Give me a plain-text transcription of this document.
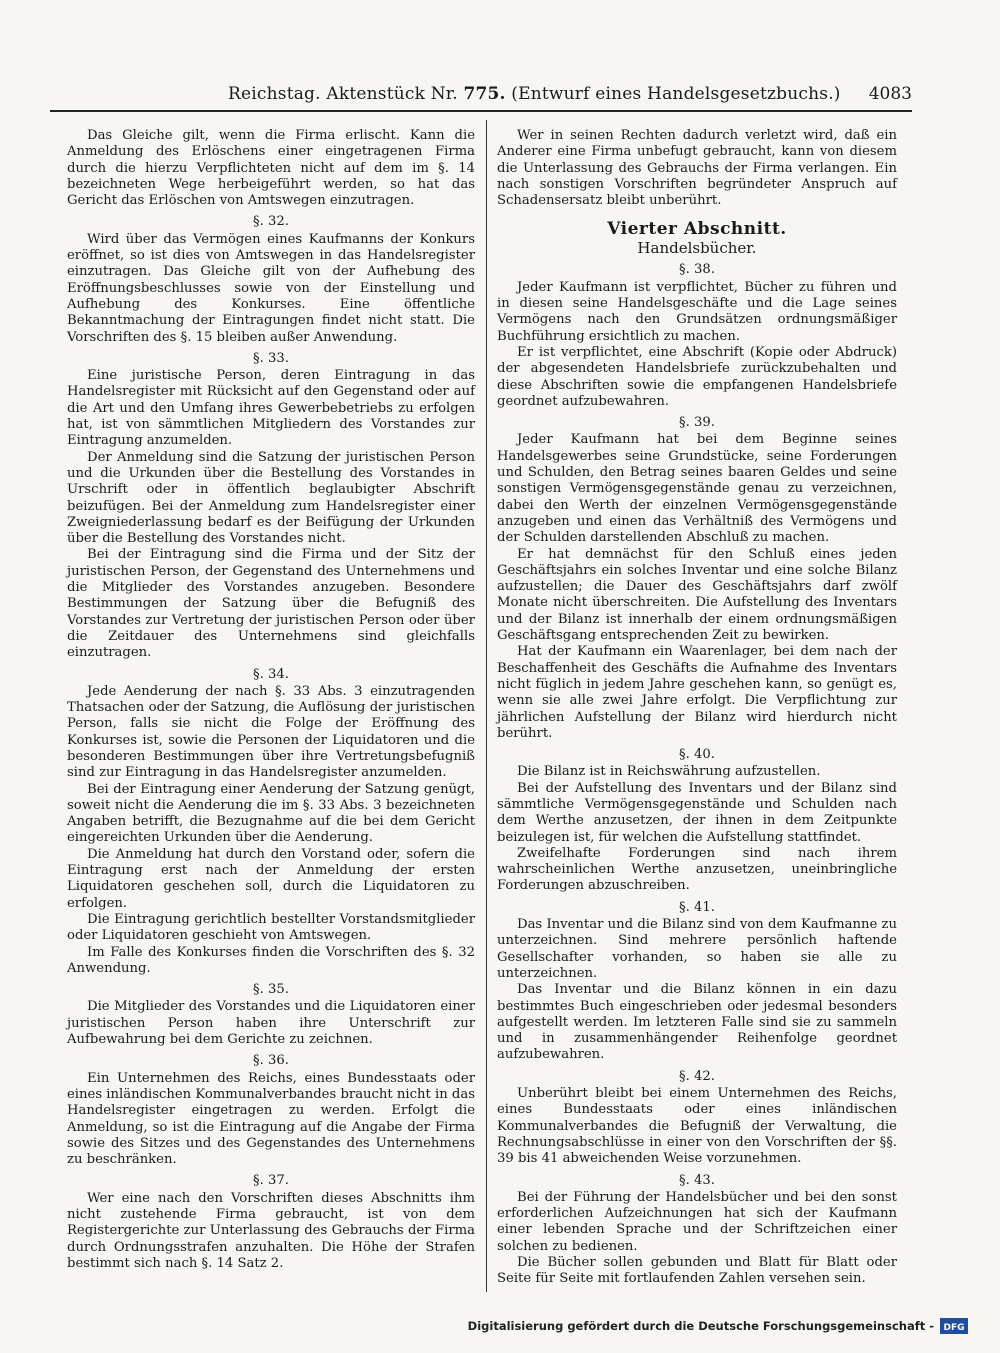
Reichstag. Aktenstück Nr. 775. (Entwurf eines Handelsgesetzbuchs.) 4083

Das Gleiche gilt, wenn die Firma erlischt. Kann die Anmeldung des Erlöschens einer eingetragenen Firma durch die hierzu Verpflichteten nicht auf dem im §. 14 bezeichneten Wege herbeigeführt werden, so hat das Gericht das Erlöschen von Amtswegen einzutragen.

§. 32.

Wird über das Vermögen eines Kaufmanns der Konkurs eröffnet, so ist dies von Amtswegen in das Handelsregister einzutragen. Das Gleiche gilt von der Aufhebung des Eröffnungsbeschlusses sowie von der Einstellung und Aufhebung des Konkurses. Eine öffentliche Bekanntmachung der Eintragungen findet nicht statt. Die Vorschriften des §. 15 bleiben außer Anwendung.

§. 33.

Eine juristische Person, deren Eintragung in das Handelsregister mit Rücksicht auf den Gegenstand oder auf die Art und den Umfang ihres Gewerbebetriebs zu erfolgen hat, ist von sämmtlichen Mitgliedern des Vorstandes zur Eintragung anzumelden.

Der Anmeldung sind die Satzung der juristischen Person und die Urkunden über die Bestellung des Vorstandes in Urschrift oder in öffentlich beglaubigter Abschrift beizufügen. Bei der Anmeldung zum Handelsregister einer Zweigniederlassung bedarf es der Beifügung der Urkunden über die Bestellung des Vorstandes nicht.

Bei der Eintragung sind die Firma und der Sitz der juristischen Person, der Gegenstand des Unternehmens und die Mitglieder des Vorstandes anzugeben. Besondere Bestimmungen der Satzung über die Befugniß des Vorstandes zur Vertretung der juristischen Person oder über die Zeitdauer des Unternehmens sind gleichfalls einzutragen.

§. 34.

Jede Aenderung der nach §. 33 Abs. 3 einzutragenden Thatsachen oder der Satzung, die Auflösung der juristischen Person, falls sie nicht die Folge der Eröffnung des Konkurses ist, sowie die Personen der Liquidatoren und die besonderen Bestimmungen über ihre Vertretungsbefugniß sind zur Eintragung in das Handelsregister anzumelden.

Bei der Eintragung einer Aenderung der Satzung genügt, soweit nicht die Aenderung die im §. 33 Abs. 3 bezeichneten Angaben betrifft, die Bezugnahme auf die bei dem Gericht eingereichten Urkunden über die Aenderung.

Die Anmeldung hat durch den Vorstand oder, sofern die Eintragung erst nach der Anmeldung der ersten Liquidatoren geschehen soll, durch die Liquidatoren zu erfolgen.

Die Eintragung gerichtlich bestellter Vorstandsmitglieder oder Liquidatoren geschieht von Amtswegen.

Im Falle des Konkurses finden die Vorschriften des §. 32 Anwendung.

§. 35.

Die Mitglieder des Vorstandes und die Liquidatoren einer juristischen Person haben ihre Unterschrift zur Aufbewahrung bei dem Gerichte zu zeichnen.

§. 36.

Ein Unternehmen des Reichs, eines Bundesstaats oder eines inländischen Kommunalverbandes braucht nicht in das Handelsregister eingetragen zu werden. Erfolgt die Anmeldung, so ist die Eintragung auf die Angabe der Firma sowie des Sitzes und des Gegenstandes des Unternehmens zu beschränken.

§. 37.

Wer eine nach den Vorschriften dieses Abschnitts ihm nicht zustehende Firma gebraucht, ist von dem Registergerichte zur Unterlassung des Gebrauchs der Firma durch Ordnungsstrafen anzuhalten. Die Höhe der Strafen bestimmt sich nach §. 14 Satz 2.

Wer in seinen Rechten dadurch verletzt wird, daß ein Anderer eine Firma unbefugt gebraucht, kann von diesem die Unterlassung des Gebrauchs der Firma verlangen. Ein nach sonstigen Vorschriften begründeter Anspruch auf Schadensersatz bleibt unberührt.

Vierter Abschnitt.
Handelsbücher.
§. 38.

Jeder Kaufmann ist verpflichtet, Bücher zu führen und in diesen seine Handelsgeschäfte und die Lage seines Vermögens nach den Grundsätzen ordnungsmäßiger Buchführung ersichtlich zu machen.

Er ist verpflichtet, eine Abschrift (Kopie oder Abdruck) der abgesendeten Handelsbriefe zurückzubehalten und diese Abschriften sowie die empfangenen Handelsbriefe geordnet aufzubewahren.

§. 39.

Jeder Kaufmann hat bei dem Beginne seines Handelsgewerbes seine Grundstücke, seine Forderungen und Schulden, den Betrag seines baaren Geldes und seine sonstigen Vermögensgegenstände genau zu verzeichnen, dabei den Werth der einzelnen Vermögensgegenstände anzugeben und einen das Verhältniß des Vermögens und der Schulden darstellenden Abschluß zu machen.

Er hat demnächst für den Schluß eines jeden Geschäftsjahrs ein solches Inventar und eine solche Bilanz aufzustellen; die Dauer des Geschäftsjahrs darf zwölf Monate nicht überschreiten. Die Aufstellung des Inventars und der Bilanz ist innerhalb der einem ordnungsmäßigen Geschäftsgang entsprechenden Zeit zu bewirken.

Hat der Kaufmann ein Waarenlager, bei dem nach der Beschaffenheit des Geschäfts die Aufnahme des Inventars nicht füglich in jedem Jahre geschehen kann, so genügt es, wenn sie alle zwei Jahre erfolgt. Die Verpflichtung zur jährlichen Aufstellung der Bilanz wird hierdurch nicht berührt.

§. 40.

Die Bilanz ist in Reichswährung aufzustellen.

Bei der Aufstellung des Inventars und der Bilanz sind sämmtliche Vermögensgegenstände und Schulden nach dem Werthe anzusetzen, der ihnen in dem Zeitpunkte beizulegen ist, für welchen die Aufstellung stattfindet.

Zweifelhafte Forderungen sind nach ihrem wahrscheinlichen Werthe anzusetzen, uneinbringliche Forderungen abzuschreiben.

§. 41.

Das Inventar und die Bilanz sind von dem Kaufmanne zu unterzeichnen. Sind mehrere persönlich haftende Gesellschafter vorhanden, so haben sie alle zu unterzeichnen.

Das Inventar und die Bilanz können in ein dazu bestimmtes Buch eingeschrieben oder jedesmal besonders aufgestellt werden. Im letzteren Falle sind sie zu sammeln und in zusammenhängender Reihenfolge geordnet aufzubewahren.

§. 42.

Unberührt bleibt bei einem Unternehmen des Reichs, eines Bundesstaats oder eines inländischen Kommunalverbandes die Befugniß der Verwaltung, die Rechnungsabschlüsse in einer von den Vorschriften der §§. 39 bis 41 abweichenden Weise vorzunehmen.

§. 43.

Bei der Führung der Handelsbücher und bei den sonst erforderlichen Aufzeichnungen hat sich der Kaufmann einer lebenden Sprache und der Schriftzeichen einer solchen zu bedienen.

Die Bücher sollen gebunden und Blatt für Blatt oder Seite für Seite mit fortlaufenden Zahlen versehen sein.

Digitalisierung gefördert durch die Deutsche Forschungsgemeinschaft - DFG
